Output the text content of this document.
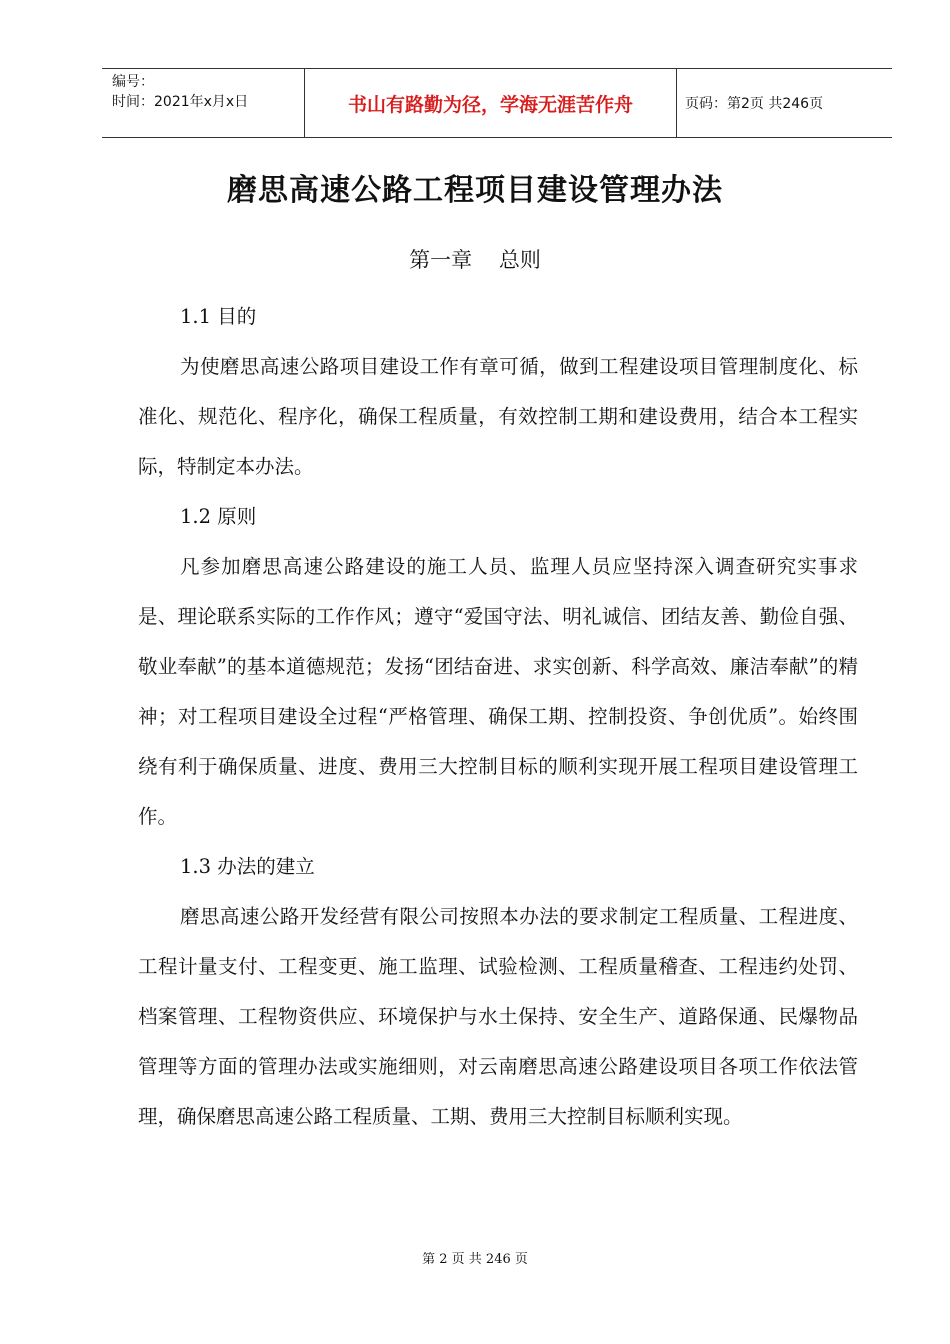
编号：
时间：2021年x月x日	书山有路勤为径，学海无涯苦作舟	页码：第2页 共246页
磨思高速公路工程项目建设管理办法
第一章    总则

1.1 目的

为使磨思高速公路项目建设工作有章可循，做到工程建设项目管理制度化、标准化、规范化、程序化，确保工程质量，有效控制工期和建设费用，结合本工程实际，特制定本办法。

1.2 原则

凡参加磨思高速公路建设的施工人员、监理人员应坚持深入调查研究实事求是、理论联系实际的工作作风；遵守“爱国守法、明礼诚信、团结友善、勤俭自强、敬业奉献”的基本道德规范；发扬“团结奋进、求实创新、科学高效、廉洁奉献”的精神；对工程项目建设全过程“严格管理、确保工期、控制投资、争创优质”。始终围绕有利于确保质量、进度、费用三大控制目标的顺利实现开展工程项目建设管理工作。

1.3 办法的建立

磨思高速公路开发经营有限公司按照本办法的要求制定工程质量、工程进度、工程计量支付、工程变更、施工监理、试验检测、工程质量稽查、工程违约处罚、档案管理、工程物资供应、环境保护与水土保持、安全生产、道路保通、民爆物品管理等方面的管理办法或实施细则，对云南磨思高速公路建设项目各项工作依法管理，确保磨思高速公路工程质量、工期、费用三大控制目标顺利实现。

第 2 页 共 246 页
